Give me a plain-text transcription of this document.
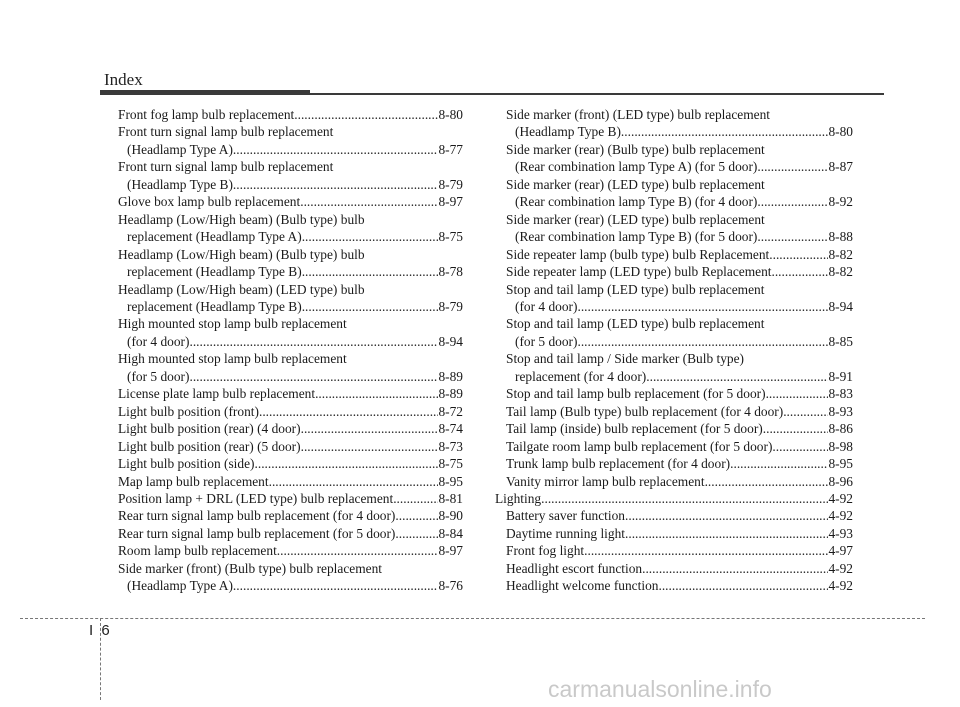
Index
Front fog lamp bulb replacement .....	8-80
Front turn signal lamp bulb replacement
(Headlamp Type A) .....	8-77
Front turn signal lamp bulb replacement
(Headlamp Type B) .....	8-79
Glove box lamp bulb replacement .....	8-97
Headlamp (Low/High beam) (Bulb type) bulb
replacement (Headlamp Type A) .....	8-75
Headlamp (Low/High beam) (Bulb type) bulb
replacement (Headlamp Type B) .....	8-78
Headlamp (Low/High beam) (LED type) bulb
replacement (Headlamp Type B) .....	8-79
High mounted stop lamp bulb replacement
(for 4 door) .....	8-94
High mounted stop lamp bulb replacement
(for 5 door) .....	8-89
License plate lamp bulb replacement .....	8-89
Light bulb position (front) .....	8-72
Light bulb position (rear) (4 door) .....	8-74
Light bulb position (rear) (5 door) .....	8-73
Light bulb position (side) .....	8-75
Map lamp bulb replacement .....	8-95
Position lamp + DRL (LED type) bulb replacement .....	8-81
Rear turn signal lamp bulb replacement (for 4 door) .....	8-90
Rear turn signal lamp bulb replacement (for 5 door) .....	8-84
Room lamp bulb replacement .....	8-97
Side marker (front) (Bulb type) bulb replacement
(Headlamp Type A) .....	8-76
Side marker (front) (LED type) bulb replacement
(Headlamp Type B) .....	8-80
Side marker (rear) (Bulb type) bulb replacement
(Rear combination lamp Type A) (for 5 door) .....	8-87
Side marker (rear) (LED type) bulb replacement
(Rear combination lamp Type B) (for 4 door) .....	8-92
Side marker (rear) (LED type) bulb replacement
(Rear combination lamp Type B) (for 5 door) .....	8-88
Side repeater lamp (bulb type) bulb Replacement .....	8-82
Side repeater lamp (LED type) bulb Replacement .....	8-82
Stop and tail lamp (LED type) bulb replacement
(for 4 door) .....	8-94
Stop and tail lamp (LED type) bulb replacement
(for 5 door) .....	8-85
Stop and tail lamp / Side marker (Bulb type)
replacement (for 4 door) .....	8-91
Stop and tail lamp bulb replacement (for 5 door) .....	8-83
Tail lamp (Bulb type) bulb replacement (for 4 door) .....	8-93
Tail lamp (inside) bulb replacement (for 5 door) .....	8-86
Tailgate room lamp bulb replacement (for 5 door) .....	8-98
Trunk lamp bulb replacement (for 4 door) .....	8-95
Vanity mirror lamp bulb replacement .....	8-96
Lighting .....	4-92
Battery saver function .....	4-92
Daytime running light .....	4-93
Front fog light .....	4-97
Headlight escort function .....	4-92
Headlight welcome function .....	4-92
I 6
carmanualsonline.info
